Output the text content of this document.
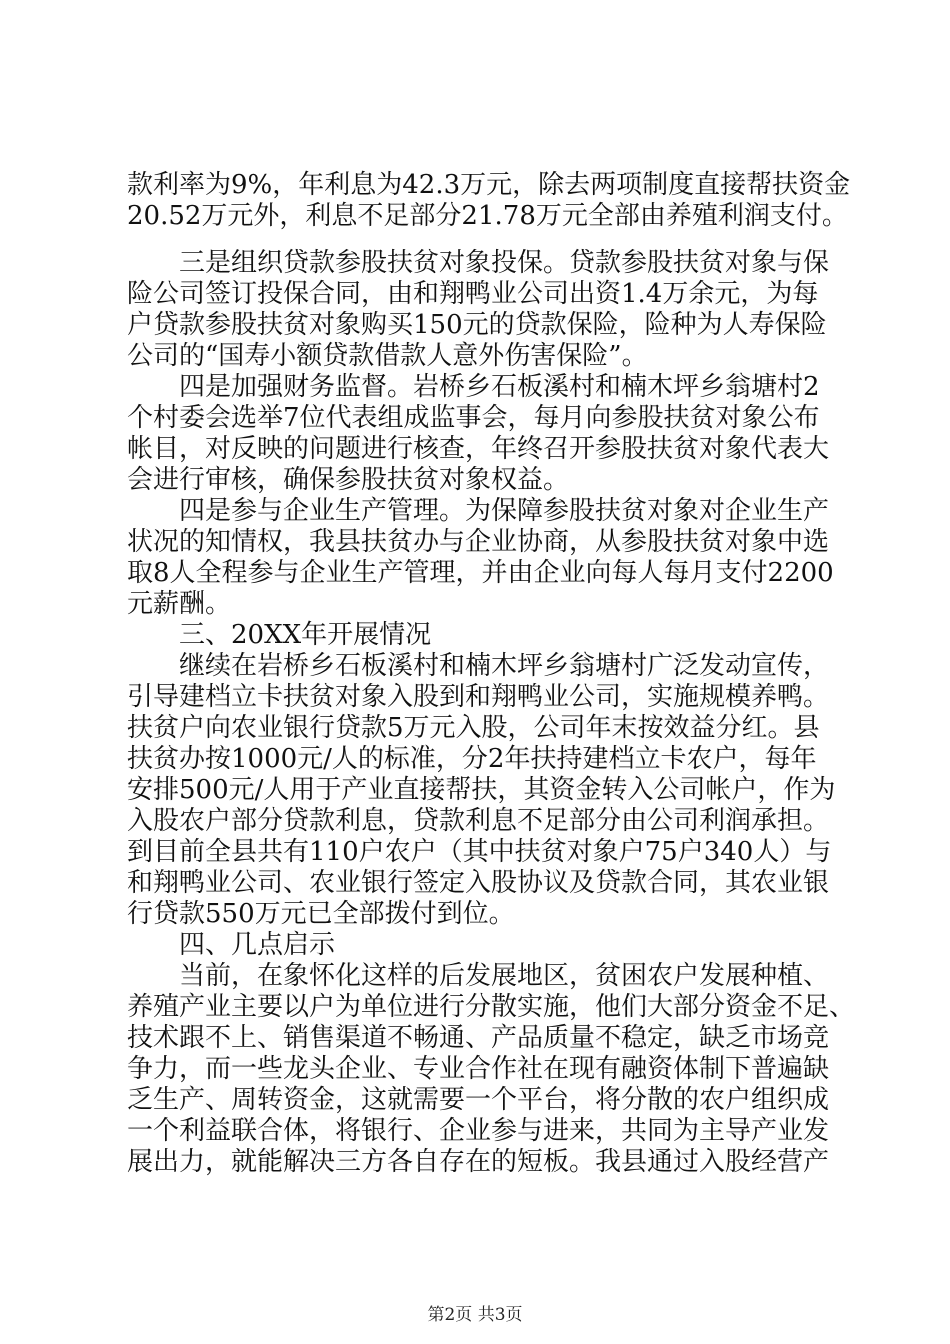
款利率为9%，年利息为42.3万元，除去两项制度直接帮扶资金
20.52万元外，利息不足部分21.78万元全部由养殖利润支付。
　　三是组织贷款参股扶贫对象投保。贷款参股扶贫对象与保
险公司签订投保合同，由和翔鸭业公司出资1.4万余元，为每
户贷款参股扶贫对象购买150元的贷款保险，险种为人寿保险
公司的“国寿小额贷款借款人意外伤害保险”。
　　四是加强财务监督。岩桥乡石板溪村和楠木坪乡翁塘村2
个村委会选举7位代表组成监事会，每月向参股扶贫对象公布
帐目，对反映的问题进行核查，年终召开参股扶贫对象代表大
会进行审核，确保参股扶贫对象权益。
　　四是参与企业生产管理。为保障参股扶贫对象对企业生产
状况的知情权，我县扶贫办与企业协商，从参股扶贫对象中选
取8人全程参与企业生产管理，并由企业向每人每月支付2200
元薪酬。
　　三、20XX年开展情况
　　继续在岩桥乡石板溪村和楠木坪乡翁塘村广泛发动宣传，
引导建档立卡扶贫对象入股到和翔鸭业公司，实施规模养鸭。
扶贫户向农业银行贷款5万元入股，公司年末按效益分红。县
扶贫办按1000元/人的标准，分2年扶持建档立卡农户，每年
安排500元/人用于产业直接帮扶，其资金转入公司帐户，作为
入股农户部分贷款利息，贷款利息不足部分由公司利润承担。
到目前全县共有110户农户（其中扶贫对象户75户340人）与
和翔鸭业公司、农业银行签定入股协议及贷款合同，其农业银
行贷款550万元已全部拨付到位。
　　四、几点启示
　　当前，在象怀化这样的后发展地区，贫困农户发展种植、
养殖产业主要以户为单位进行分散实施，他们大部分资金不足、
技术跟不上、销售渠道不畅通、产品质量不稳定，缺乏市场竞
争力，而一些龙头企业、专业合作社在现有融资体制下普遍缺
乏生产、周转资金，这就需要一个平台，将分散的农户组织成
一个利益联合体，将银行、企业参与进来，共同为主导产业发
展出力，就能解决三方各自存在的短板。我县通过入股经营产
第2页 共3页
